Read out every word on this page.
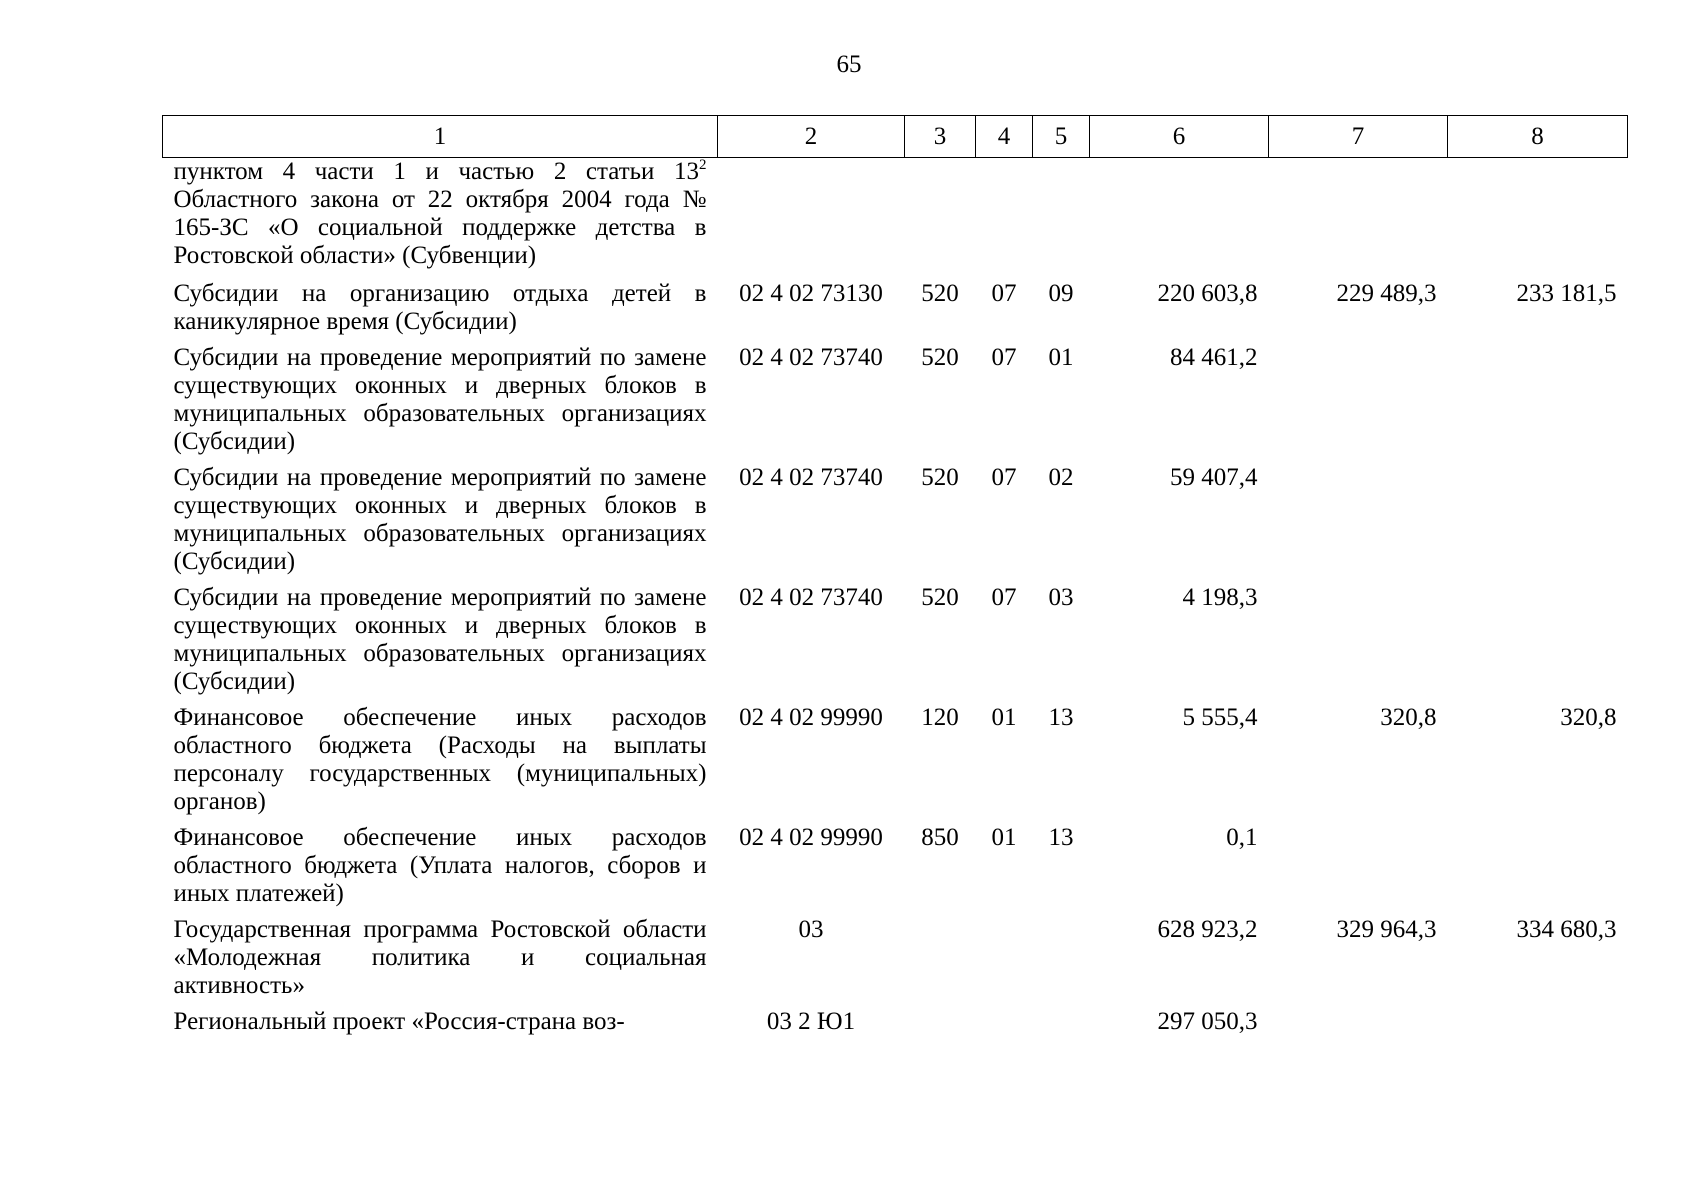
65
1	2	3	4	5	6	7	8
пунктом 4 части 1 и частью 2 статьи $13^2$ Областного закона от 22 октября 2004 года № 165-ЗС «О социальной поддержке детства в Ростовской области» (Субвенции)							
Субсидии на организацию отдыха детей в каникулярное время (Субсидии)	02 4 02 73130	520	07	09	220 603,8	229 489,3	233 181,5
Субсидии на проведение мероприятий по замене существующих оконных и дверных блоков в муниципальных образовательных организациях (Субсидии)	02 4 02 73740	520	07	01	84 461,2		
Субсидии на проведение мероприятий по замене существующих оконных и дверных блоков в муниципальных образовательных организациях (Субсидии)	02 4 02 73740	520	07	02	59 407,4		
Субсидии на проведение мероприятий по замене существующих оконных и дверных блоков в муниципальных образовательных организациях (Субсидии)	02 4 02 73740	520	07	03	4 198,3		
Финансовое обеспечение иных расходов областного бюджета (Расходы на выплаты персоналу государственных (муниципальных) органов)	02 4 02 99990	120	01	13	5 555,4	320,8	320,8
Финансовое обеспечение иных расходов областного бюджета (Уплата налогов, сборов и иных платежей)	02 4 02 99990	850	01	13	0,1		
Государственная программа Ростовской области «Молодежная политика и социальная активность»	03				628 923,2	329 964,3	334 680,3
Региональный проект «Россия-страна воз-	03 2 Ю1				297 050,3		
